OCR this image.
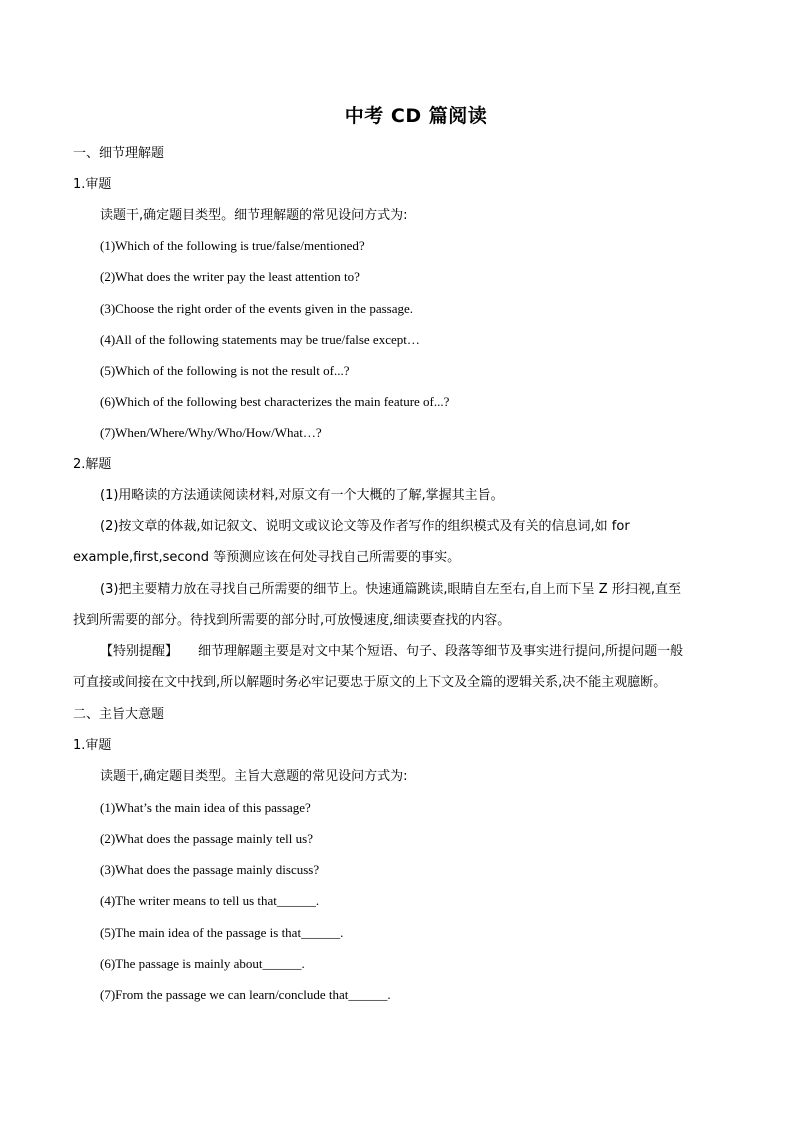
中考 CD 篇阅读
一、细节理解题
1.审题
读题干,确定题目类型。细节理解题的常见设问方式为:
(1)Which of the following is true/false/mentioned?
(2)What does the writer pay the least attention to?
(3)Choose the right order of the events given in the passage.
(4)All of the following statements may be true/false except…
(5)Which of the following is not the result of...?
(6)Which of the following best characterizes the main feature of...?
(7)When/Where/Why/Who/How/What…?
2.解题
(1)用略读的方法通读阅读材料,对原文有一个大概的了解,掌握其主旨。
(2)按文章的体裁,如记叙文、说明文或议论文等及作者写作的组织模式及有关的信息词,如 for
example,first,second 等预测应该在何处寻找自己所需要的事实。
(3)把主要精力放在寻找自己所需要的细节上。快速通篇跳读,眼睛自左至右,自上而下呈 Z 形扫视,直至
找到所需要的部分。待找到所需要的部分时,可放慢速度,细读要查找的内容。
【特别提醒】 细节理解题主要是对文中某个短语、句子、段落等细节及事实进行提问,所提问题一般
可直接或间接在文中找到,所以解题时务必牢记要忠于原文的上下文及全篇的逻辑关系,决不能主观臆断。
二、主旨大意题
1.审题
读题干,确定题目类型。主旨大意题的常见设问方式为:
(1)What’s the main idea of this passage?
(2)What does the passage mainly tell us?
(3)What does the passage mainly discuss?
(4)The writer means to tell us that______.
(5)The main idea of the passage is that______.
(6)The passage is mainly about______.
(7)From the passage we can learn/conclude that______.
